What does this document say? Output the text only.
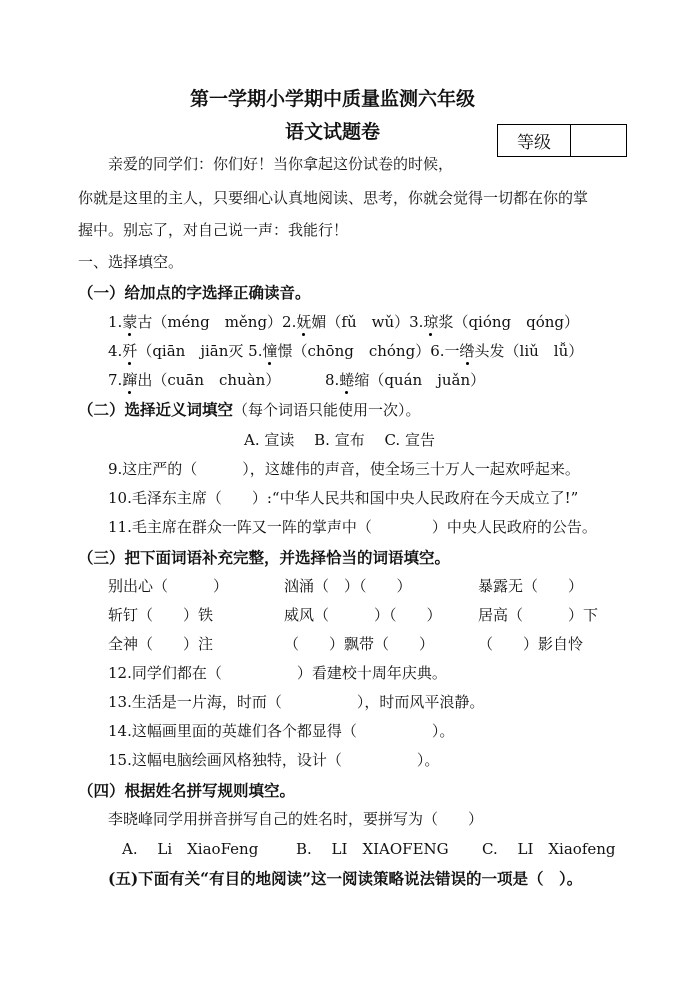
第一学期小学期中质量监测六年级
语文试题卷	等级
亲爱的同学们：你们好！当你拿起这份试卷的时候，
你就是这里的主人，只要细心认真地阅读、思考，你就会觉得一切都在你的掌
握中。别忘了，对自己说一声：我能行！
一、选择填空。
（一）给加点的字选择正确读音。
1.蒙古（méng　měng）2.妩媚（fǔ　wǔ）3.琼浆（qióng　qóng）
4.歼（qiān　jiān灭 5.憧憬（chōng　chóng）6.一绺头发（liǔ　lǚ）
7.蹿出（cuān　chuàn）	8.蜷缩（quán　juǎn）
（二）选择近义词填空（每个词语只能使用一次）。
A. 宣读　 B. 宣布　 C. 宣告
9.这庄严的（　　　），这雄伟的声音，使全场三十万人一起欢呼起来。
10.毛泽东主席（　　）:“中华人民共和国中央人民政府在今天成立了!”
11.毛主席在群众一阵又一阵的掌声中（　　　　）中央人民政府的公告。
（三）把下面词语补充完整，并选择恰当的词语填空。
别出心（　　　）	汹涌（　）（　　）	暴露无（　　）
斩钉（　　）铁	威风（　　　）（　　） 居高（　　　）下
全神（　　）注	（　　）飘带（　　）	（　　）影自怜
12.同学们都在（　　　　　）看建校十周年庆典。
13.生活是一片海，时而（　　　　　），时而风平浪静。
14.这幅画里面的英雄们各个都显得（　　　　　）。
15.这幅电脑绘画风格独特，设计（　　　　　）。
（四）根据姓名拼写规则填空。
李晓峰同学用拼音拼写自己的姓名时，要拼写为（　　）
A.　 Li　XiaoFeng	B.　 LI　XIAOFENG C.　 LI　Xiaofeng
(五)下面有关“有目的地阅读”这一阅读策略说法错误的一项是（　）。
